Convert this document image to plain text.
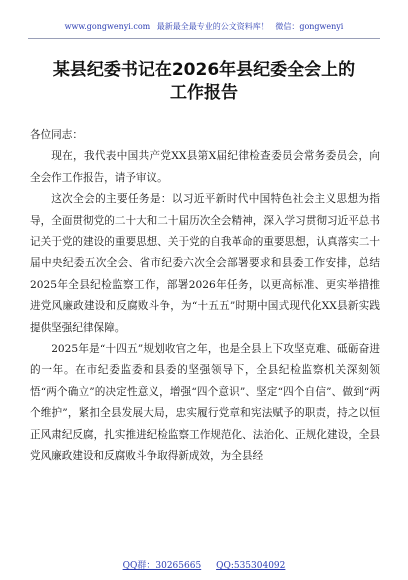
www.gongwenyi.com 最新最全最专业的公文资料库！ 微信：gongwenyi
某县纪委书记在2026年县纪委全会上的
工作报告

各位同志：

现在，我代表中国共产党XX县第X届纪律检查委员会常务委员会，向全会作工作报告，请予审议。

这次全会的主要任务是：以习近平新时代中国特色社会主义思想为指导，全面贯彻党的二十大和二十届历次全会精神，深入学习贯彻习近平总书记关于党的建设的重要思想、关于党的自我革命的重要思想，认真落实二十届中央纪委五次全会、省市纪委六次全会部署要求和县委工作安排，总结2025年全县纪检监察工作，部署2026年任务，以更高标准、更实举措推进党风廉政建设和反腐败斗争，为“十五五”时期中国式现代化XX县新实践提供坚强纪律保障。

2025年是“十四五”规划收官之年，也是全县上下攻坚克难、砥砺奋进的一年。在市纪委监委和县委的坚强领导下，全县纪检监察机关深刻领悟“两个确立”的决定性意义，增强“四个意识”、坚定“四个自信”、做到“两个维护”，紧扣全县发展大局，忠实履行党章和宪法赋予的职责，持之以恒正风肃纪反腐，扎实推进纪检监察工作规范化、法治化、正规化建设，全县党风廉政建设和反腐败斗争取得新成效，为全县经

QQ群：30265665 QQ:535304092
